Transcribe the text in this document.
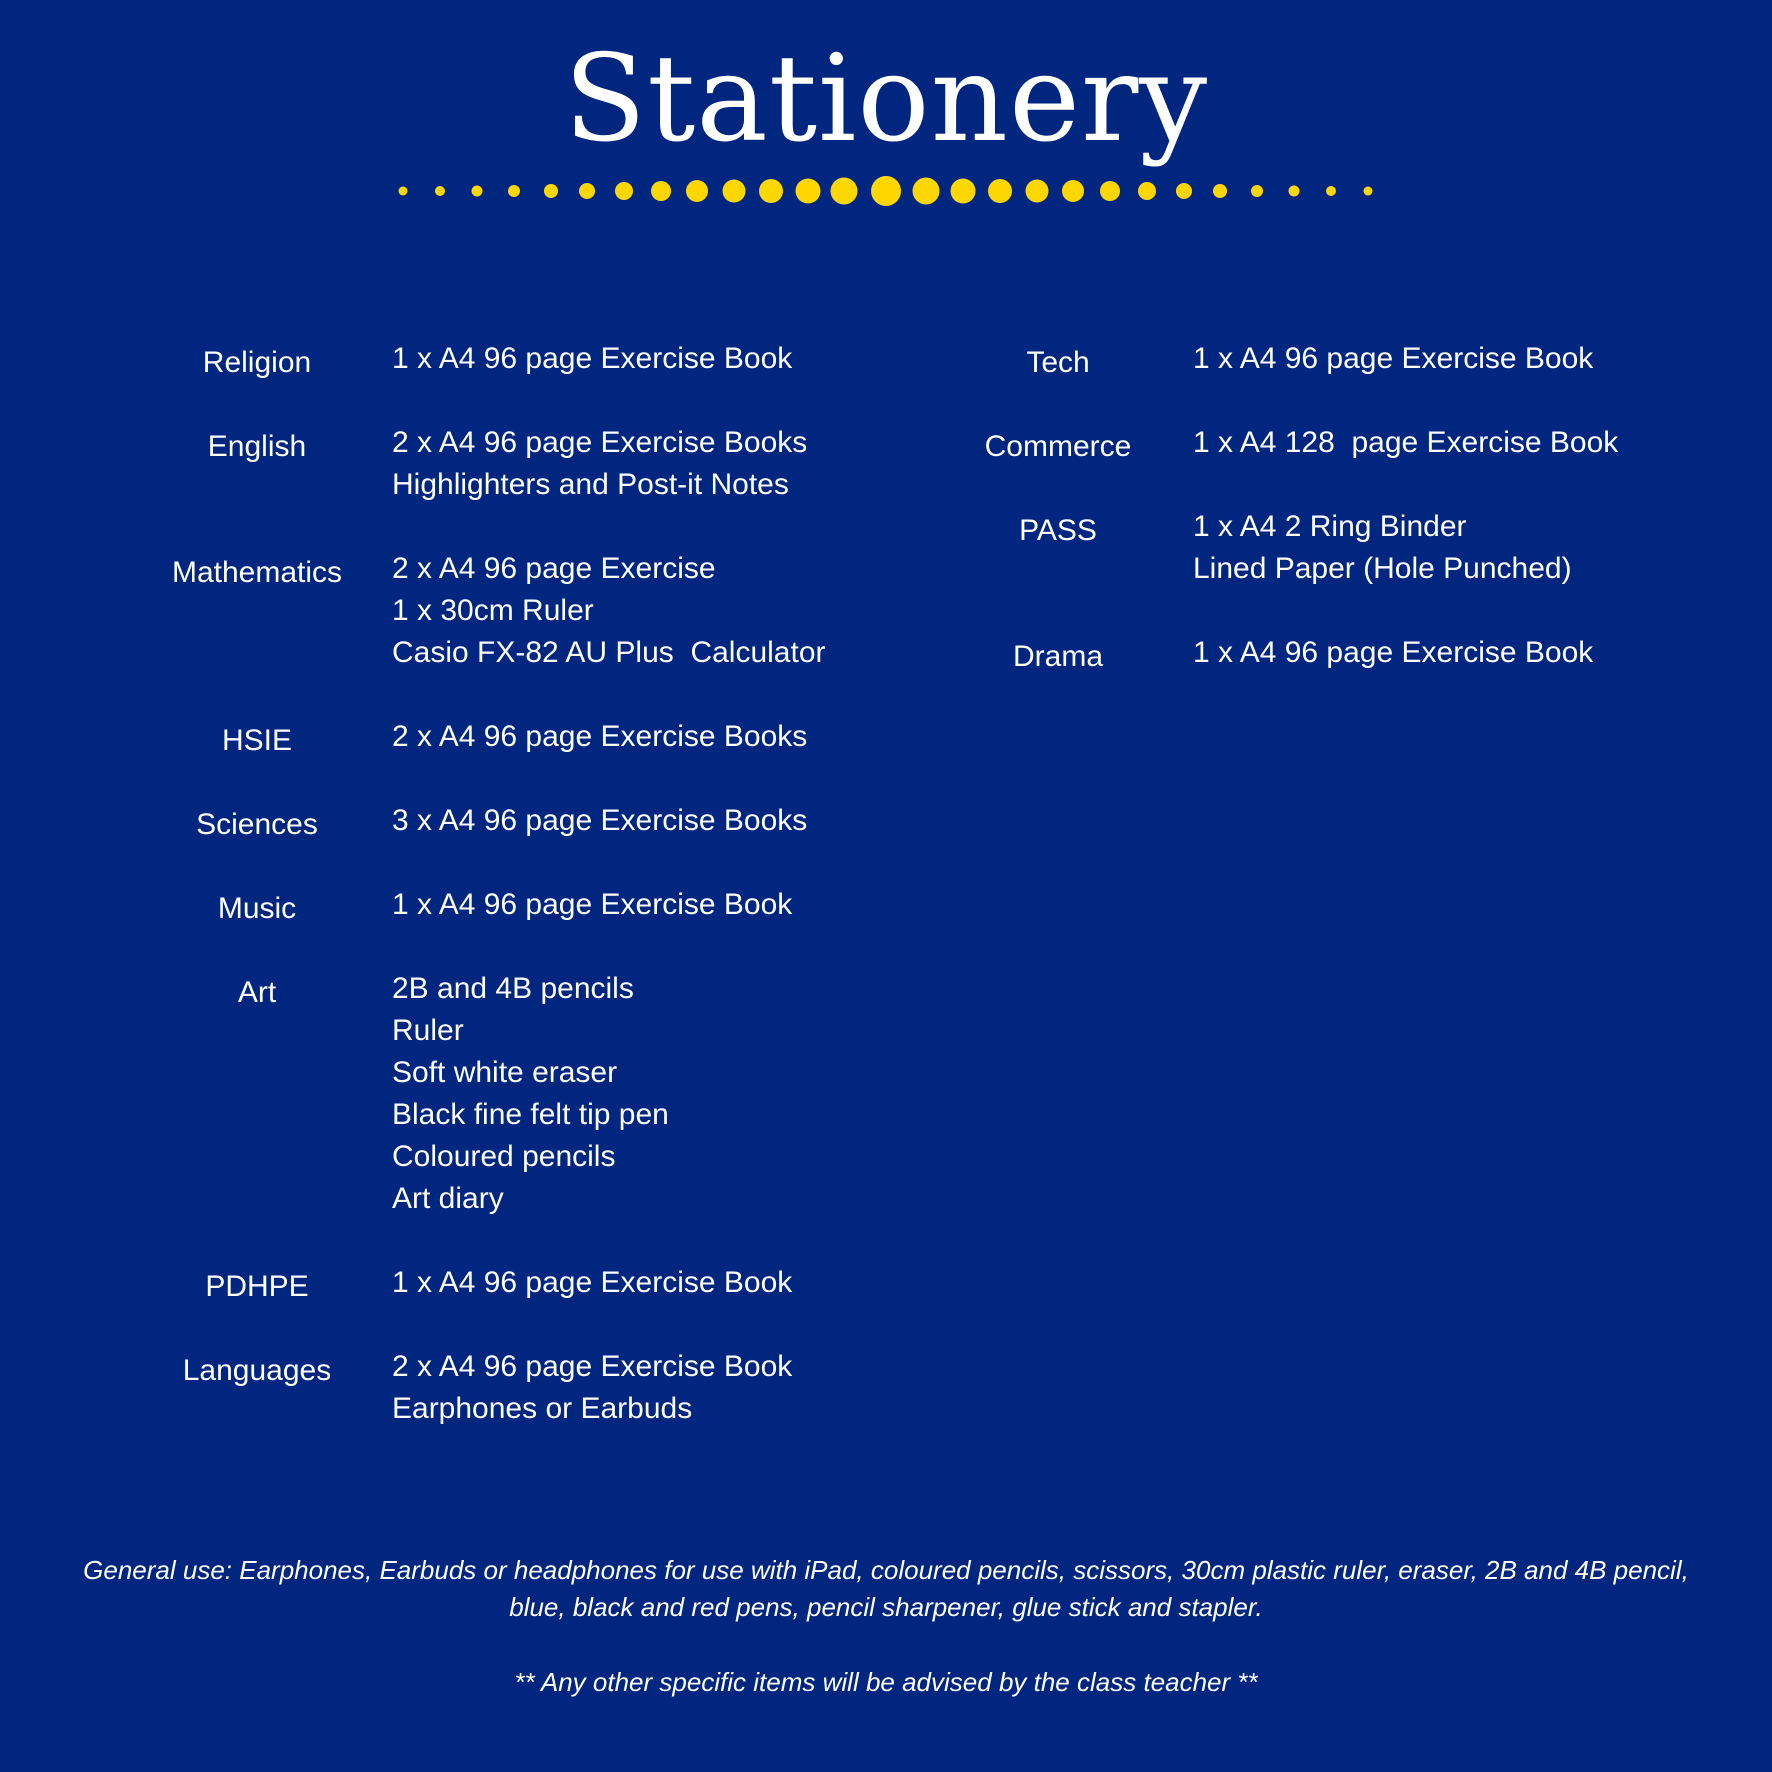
Stationery
Religion	1 x A4 96 page Exercise Book
English	2 x A4 96 page Exercise Books
Highlighters and Post-it Notes
Mathematics	2 x A4 96 page Exercise
1 x 30cm Ruler
Casio FX-82 AU Plus  Calculator
HSIE	2 x A4 96 page Exercise Books
Sciences	3 x A4 96 page Exercise Books
Music	1 x A4 96 page Exercise Book
Art	2B and 4B pencils
Ruler
Soft white eraser
Black fine felt tip pen
Coloured pencils
Art diary
PDHPE	1 x A4 96 page Exercise Book
Languages	2 x A4 96 page Exercise Book
Earphones or Earbuds
Tech	1 x A4 96 page Exercise Book
Commerce	1 x A4 128  page Exercise Book
PASS	1 x A4 2 Ring Binder
Lined Paper (Hole Punched)
Drama	1 x A4 96 page Exercise Book
General use: Earphones, Earbuds or headphones for use with iPad, coloured pencils, scissors, 30cm plastic ruler, eraser, 2B and 4B pencil,
blue, black and red pens, pencil sharpener, glue stick and stapler.
** Any other specific items will be advised by the class teacher **
